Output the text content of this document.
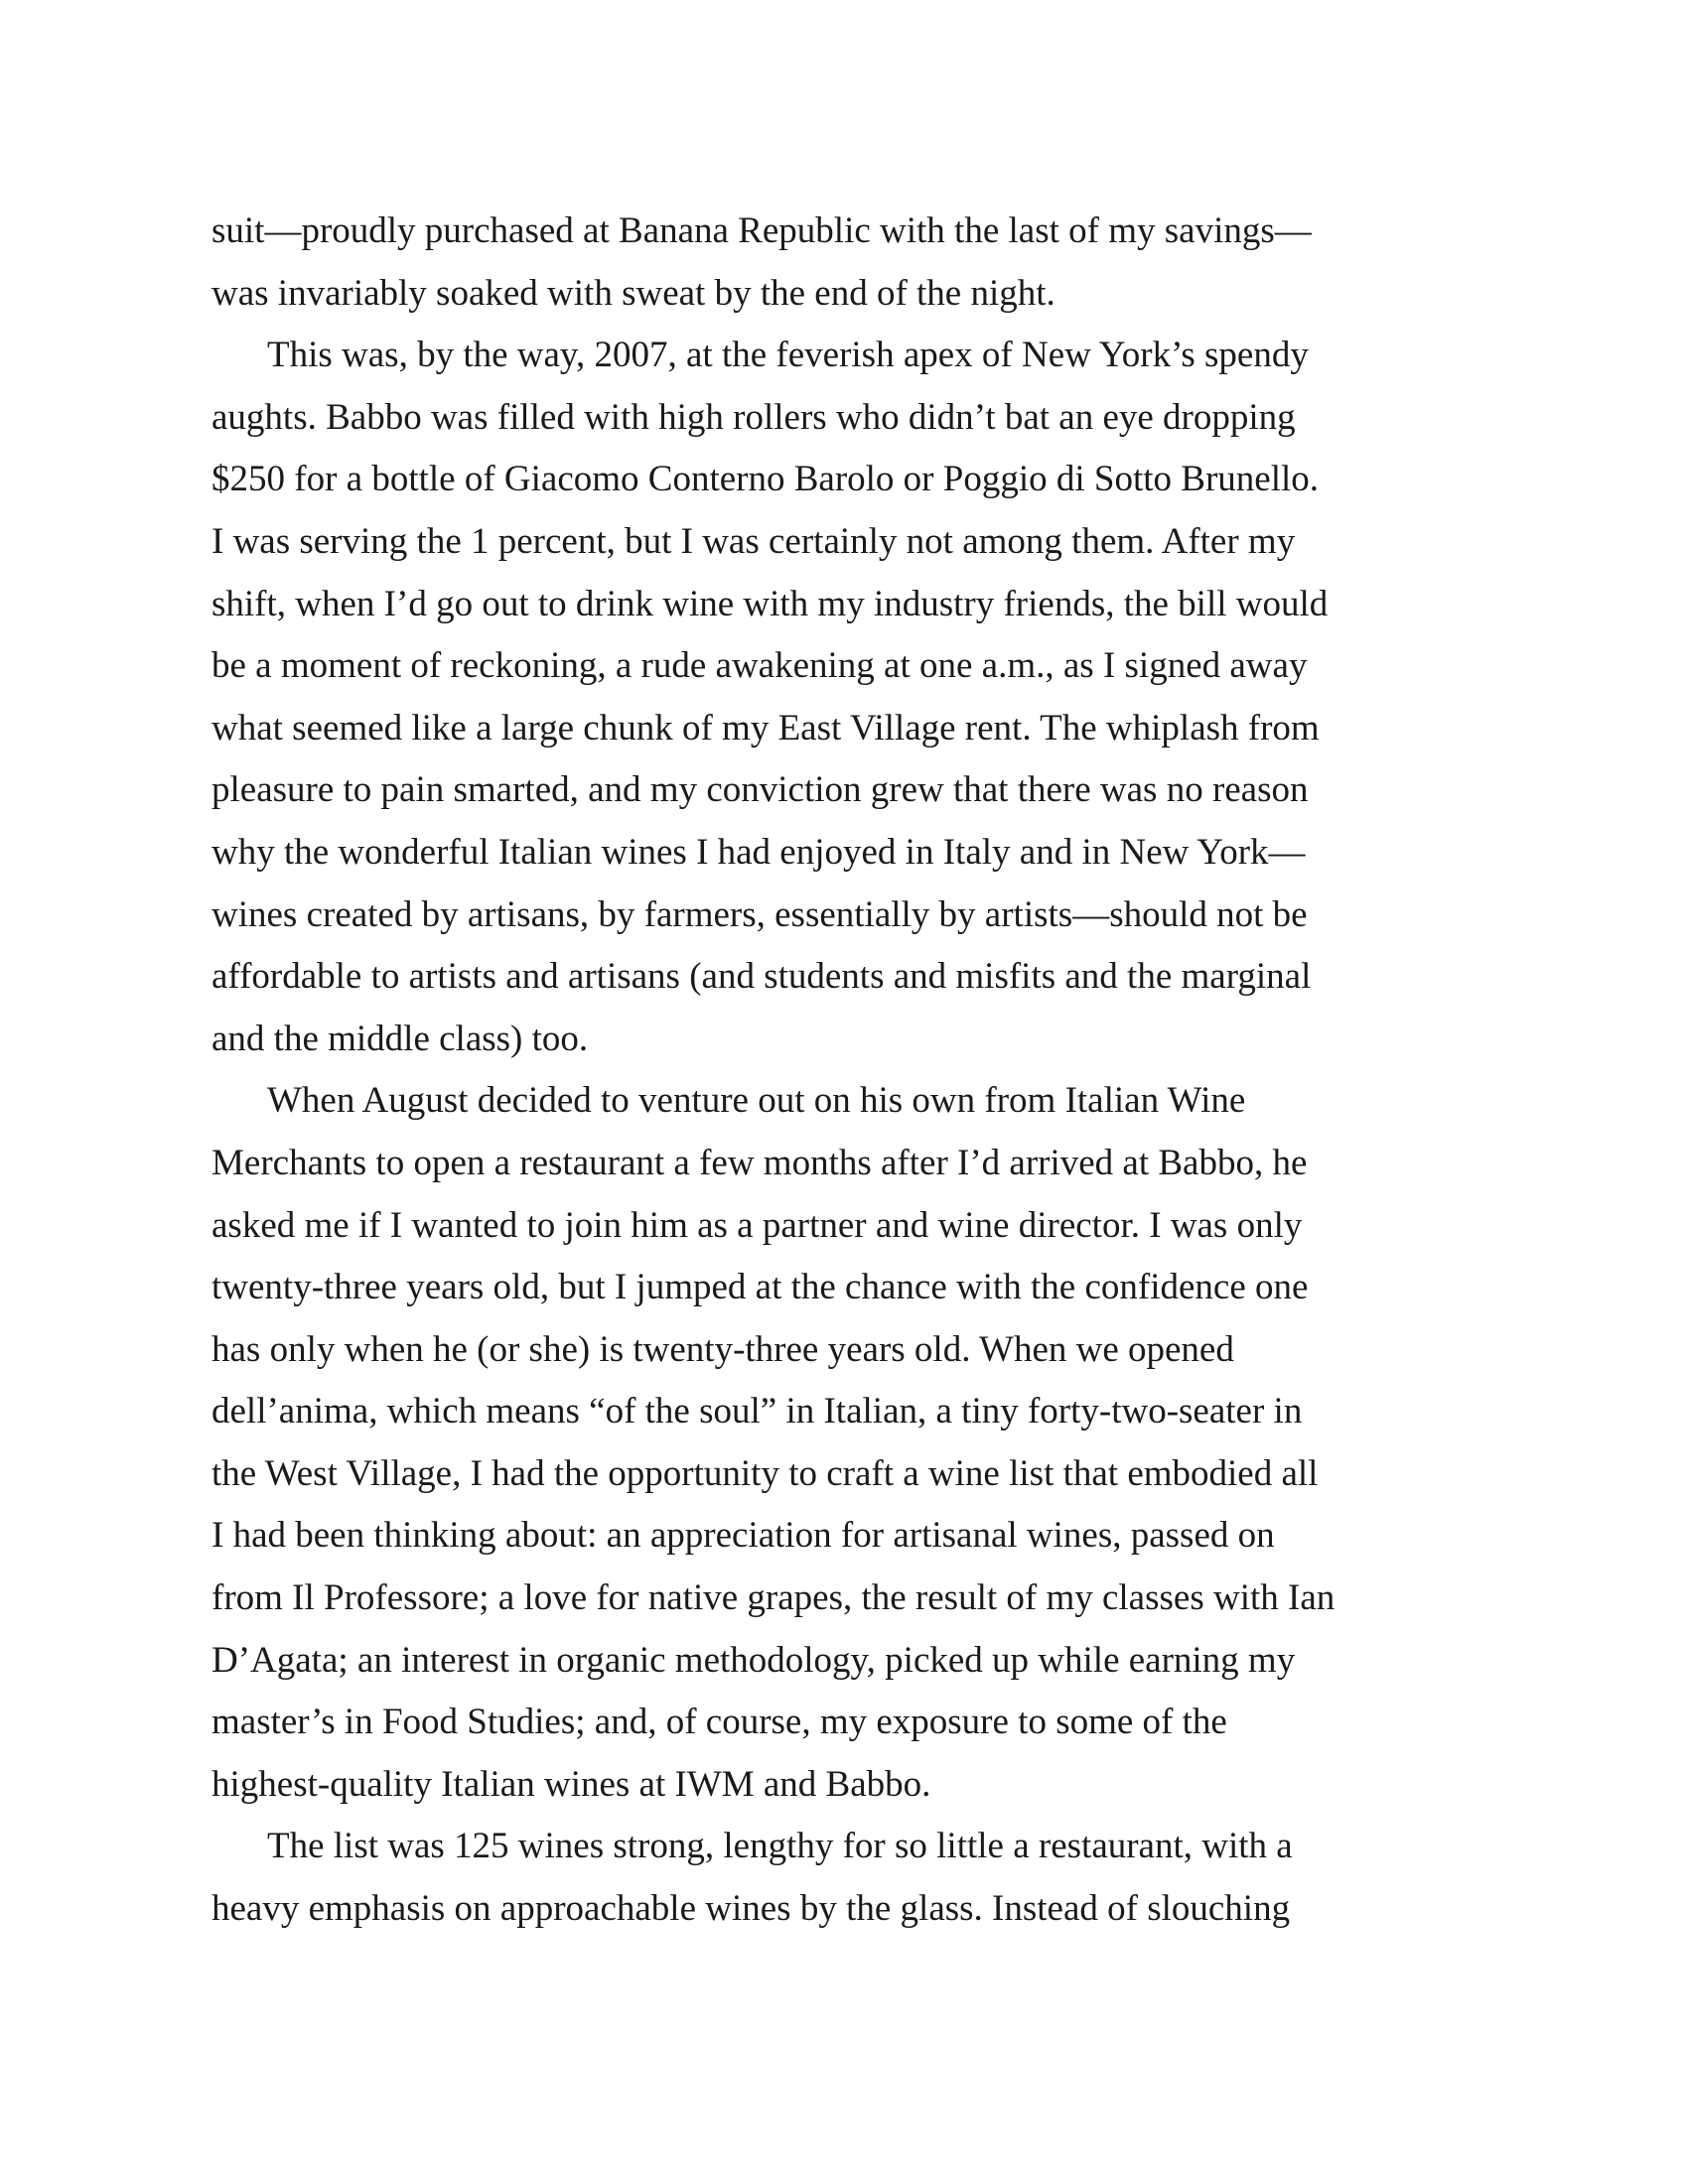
suit—proudly purchased at Banana Republic with the last of my savings—
was invariably soaked with sweat by the end of the night.
This was, by the way, 2007, at the feverish apex of New York’s spendy
aughts. Babbo was filled with high rollers who didn’t bat an eye dropping
$250 for a bottle of Giacomo Conterno Barolo or Poggio di Sotto Brunello.
I was serving the 1 percent, but I was certainly not among them. After my
shift, when I’d go out to drink wine with my industry friends, the bill would
be a moment of reckoning, a rude awakening at one a.m., as I signed away
what seemed like a large chunk of my East Village rent. The whiplash from
pleasure to pain smarted, and my conviction grew that there was no reason
why the wonderful Italian wines I had enjoyed in Italy and in New York—
wines created by artisans, by farmers, essentially by artists—should not be
affordable to artists and artisans (and students and misfits and the marginal
and the middle class) too.
When August decided to venture out on his own from Italian Wine
Merchants to open a restaurant a few months after I’d arrived at Babbo, he
asked me if I wanted to join him as a partner and wine director. I was only
twenty-three years old, but I jumped at the chance with the confidence one
has only when he (or she) is twenty-three years old. When we opened
dell’anima, which means “of the soul” in Italian, a tiny forty-two-seater in
the West Village, I had the opportunity to craft a wine list that embodied all
I had been thinking about: an appreciation for artisanal wines, passed on
from Il Professore; a love for native grapes, the result of my classes with Ian
D’Agata; an interest in organic methodology, picked up while earning my
master’s in Food Studies; and, of course, my exposure to some of the
highest-quality Italian wines at IWM and Babbo.
The list was 125 wines strong, lengthy for so little a restaurant, with a
heavy emphasis on approachable wines by the glass. Instead of slouching
